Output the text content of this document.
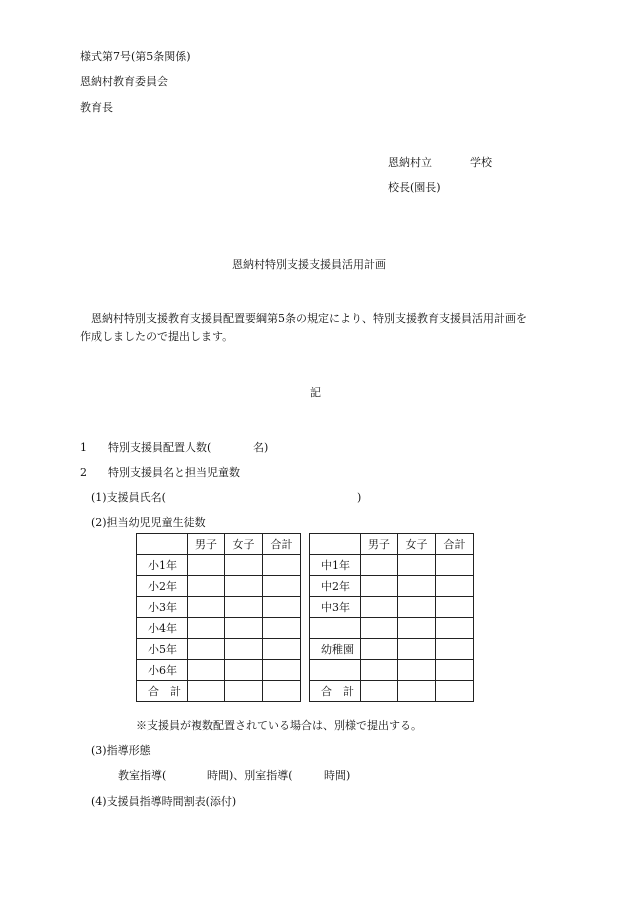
様式第7号(第5条関係)
恩納村教育委員会
教育長
恩納村立	学校
校長(園長)
恩納村特別支援支援員活用計画
恩納村特別支援教育支援員配置要綱第5条の規定により、特別支援教育支援員活用計画を
作成しましたので提出します。
記
1 特別支援員配置人数(	名)
2 特別支援員名と担当児童数
(1)支援員氏名(	)
(2)担当幼児児童生徒数
	男子	女子	合計			男子	女子	合計
小1年					中1年			
小2年					中2年			
小3年					中3年			
小4年								
小5年					幼稚園			
小6年								
合　計					合　計			
※支援員が複数配置されている場合は、別様で提出する。
(3)指導形態
教室指導(	時間)、別室指導(	時間)
(4)支援員指導時間割表(添付)
